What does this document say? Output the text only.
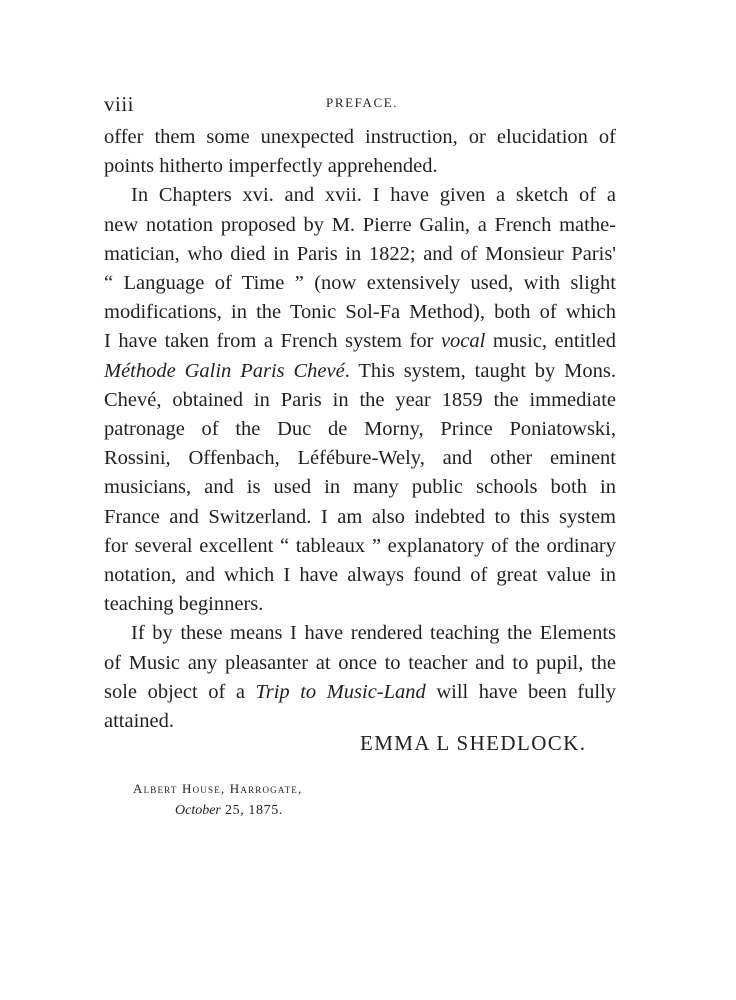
viii	PREFACE.

offer them some unexpected instruction, or elucidation of
points hitherto imperfectly apprehended.

In Chapters xvi. and xvii. I have given a sketch of a
new notation proposed by M. Pierre Galin, a French mathe-
matician, who died in Paris in 1822; and of Monsieur Paris'
“ Language of Time ” (now extensively used, with slight
modifications, in the Tonic Sol-Fa Method), both of which
I have taken from a French system for vocal music, entitled
Méthode Galin Paris Chevé. This system, taught by Mons.
Chevé, obtained in Paris in the year 1859 the immediate
patronage of the Duc de Morny, Prince Poniatowski,
Rossini, Offenbach, Léfébure-Wely, and other eminent
musicians, and is used in many public schools both in
France and Switzerland. I am also indebted to this system
for several excellent “ tableaux ” explanatory of the ordinary
notation, and which I have always found of great value in
teaching beginners.

If by these means I have rendered teaching the Elements
of Music any pleasanter at once to teacher and to pupil, the
sole object of a Trip to Music-Land will have been fully
attained.

EMMA L SHEDLOCK.
Albert House, Harrogate,
October 25, 1875.
